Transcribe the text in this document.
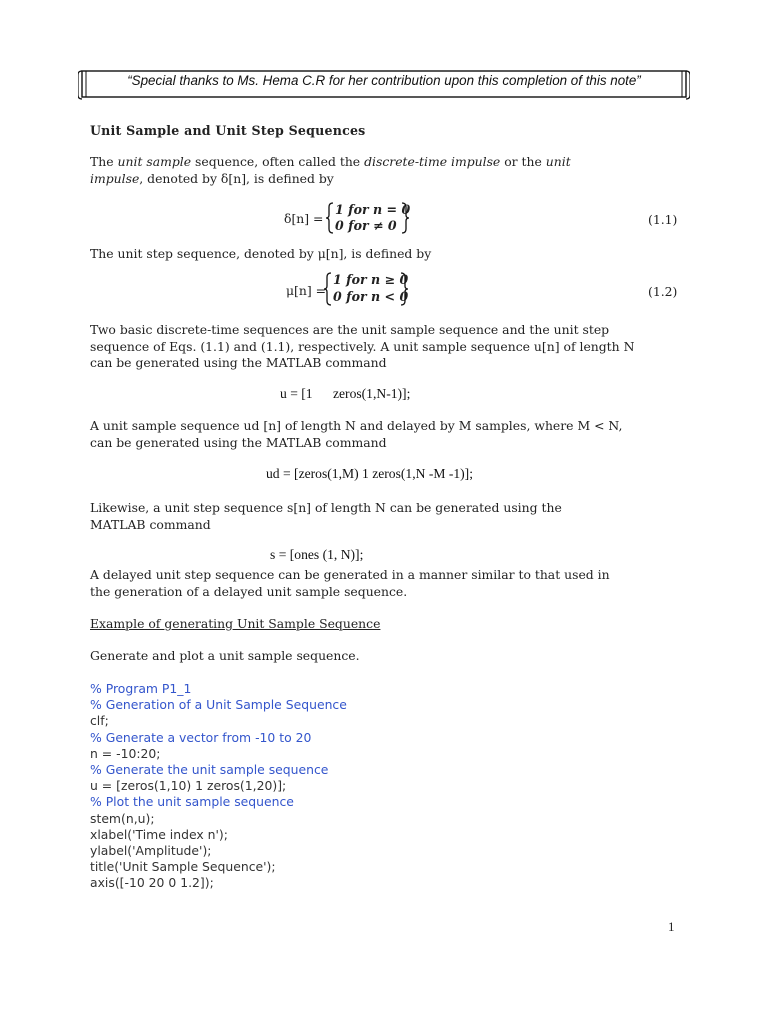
“Special thanks to Ms. Hema C.R for her contribution upon this completion of this note”
Unit Sample and Unit Step Sequences
The unit sample sequence, often called the discrete-time impulse or the unit
impulse, denoted by δ[n], is defined by
δ[n] =
1 for n = 0
0 for ≠ 0	(1.1)
The unit step sequence, denoted by μ[n], is defined by
μ[n] =
1 for n ≥ 0
0 for n < 0	(1.2)
Two basic discrete-time sequences are the unit sample sequence and the unit step
sequence of Eqs. (1.1) and (1.1), respectively. A unit sample sequence u[n] of length N
can be generated using the MATLAB command
u = [1      zeros(1,N-1)];
A unit sample sequence ud [n] of length N and delayed by M samples, where M < N,
can be generated using the MATLAB command
ud = [zeros(1,M) 1 zeros(1,N -M -1)];
Likewise, a unit step sequence s[n] of length N can be generated using the
MATLAB command
s = [ones (1, N)];
A delayed unit step sequence can be generated in a manner similar to that used in
the generation of a delayed unit sample sequence.
Example of generating Unit Sample Sequence
Generate and plot a unit sample sequence.
% Program P1_1
% Generation of a Unit Sample Sequence
clf;
% Generate a vector from -10 to 20
n = -10:20;
% Generate the unit sample sequence
u = [zeros(1,10) 1 zeros(1,20)];
% Plot the unit sample sequence
stem(n,u);
xlabel('Time index n');
ylabel('Amplitude');
title('Unit Sample Sequence');
axis([-10 20 0 1.2]);
1
